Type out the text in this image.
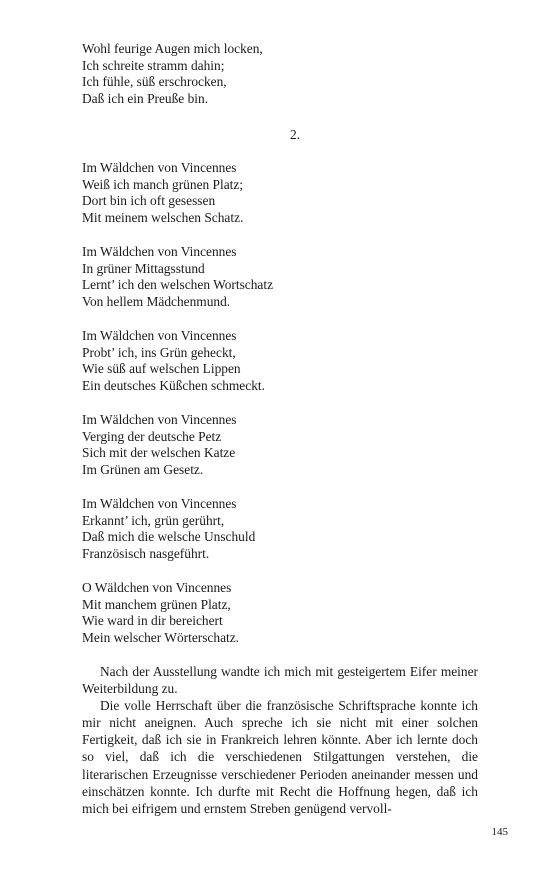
Wohl feurige Augen mich locken,
Ich schreite stramm dahin;
Ich fühle, süß erschrocken,
Daß ich ein Preuße bin.
2.
Im Wäldchen von Vincennes
Weiß ich manch grünen Platz;
Dort bin ich oft gesessen
Mit meinem welschen Schatz.
Im Wäldchen von Vincennes
In grüner Mittagsstund
Lernt’ ich den welschen Wortschatz
Von hellem Mädchenmund.
Im Wäldchen von Vincennes
Probt’ ich, ins Grün geheckt,
Wie süß auf welschen Lippen
Ein deutsches Küßchen schmeckt.
Im Wäldchen von Vincennes
Verging der deutsche Petz
Sich mit der welschen Katze
Im Grünen am Gesetz.
Im Wäldchen von Vincennes
Erkannt’ ich, grün gerührt,
Daß mich die welsche Unschuld
Französisch nasgeführt.
O Wäldchen von Vincennes
Mit manchem grünen Platz,
Wie ward in dir bereichert
Mein welscher Wörterschatz.

Nach der Ausstellung wandte ich mich mit gesteigertem Eifer meiner Weiterbildung zu.

Die volle Herrschaft über die französische Schriftsprache konnte ich mir nicht aneignen. Auch spreche ich sie nicht mit einer solchen Fertigkeit, daß ich sie in Frankreich lehren könnte. Aber ich lernte doch so viel, daß ich die verschiedenen Stilgattungen verstehen, die literarischen Erzeugnisse verschiedener Perioden aneinander messen und einschätzen konnte. Ich durfte mit Recht die Hoffnung hegen, daß ich mich bei eifrigem und ernstem Streben genügend vervoll-

145
